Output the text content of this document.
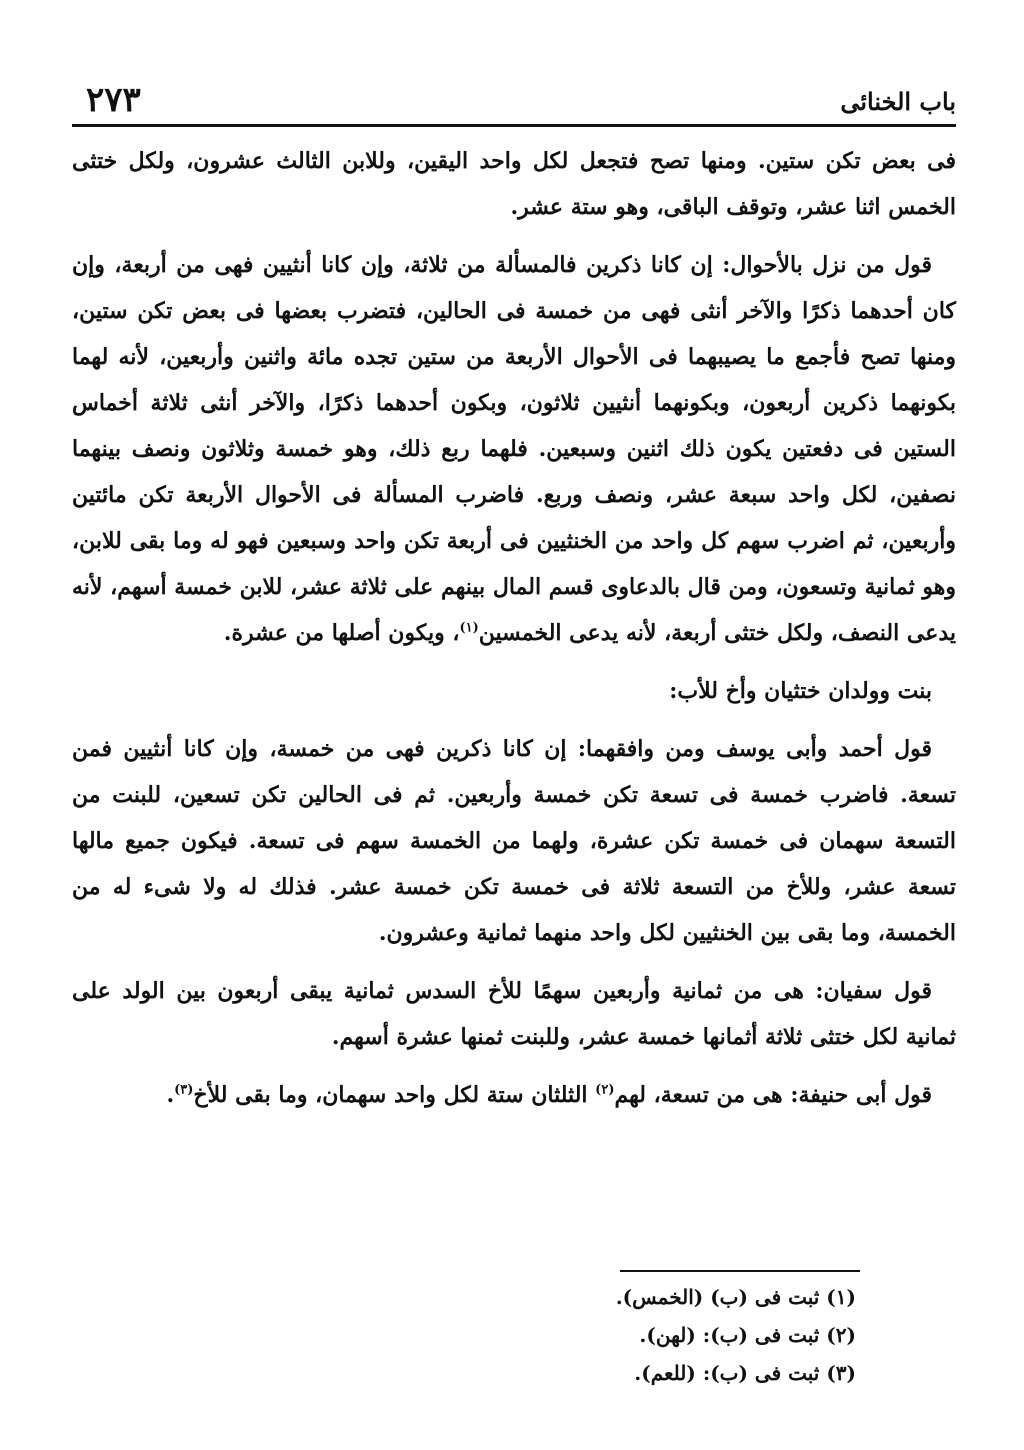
٢٧٣	باب الخنائى

فى بعض تكن ستين. ومنها تصح فتجعل لكل واحد اليقين، وللابن الثالث عشرون، ولكل ختثى الخمس اثنا عشر، وتوقف الباقى، وهو ستة عشر.

قول من نزل بالأحوال: إن كانا ذكرين فالمسألة من ثلاثة، وإن كانا أنثيين فهى من أربعة، وإن كان أحدهما ذكرًا والآخر أنثى فهى من خمسة فى الحالين، فتضرب بعضها فى بعض تكن ستين، ومنها تصح فأجمع ما يصيبهما فى الأحوال الأربعة من ستين تجده مائة واثنين وأربعين، لأنه لهما بكونهما ذكرين أربعون، وبكونهما أنثيين ثلاثون، وبكون أحدهما ذكرًا، والآخر أنثى ثلاثة أخماس الستين فى دفعتين يكون ذلك اثنين وسبعين. فلهما ربع ذلك، وهو خمسة وثلاثون ونصف بينهما نصفين، لكل واحد سبعة عشر، ونصف وربع. فاضرب المسألة فى الأحوال الأربعة تكن مائتين وأربعين، ثم اضرب سهم كل واحد من الخنثيين فى أربعة تكن واحد وسبعين فهو له وما بقى للابن، وهو ثمانية وتسعون، ومن قال بالدعاوى قسم المال بينهم على ثلاثة عشر، للابن خمسة أسهم، لأنه يدعى النصف، ولكل ختثى أربعة، لأنه يدعى الخمسين$^{(١)}$، ويكون أصلها من عشرة.

بنت وولدان ختثيان وأخ للأب:

قول أحمد وأبى يوسف ومن وافقهما: إن كانا ذكرين فهى من خمسة، وإن كانا أنثيين فمن تسعة. فاضرب خمسة فى تسعة تكن خمسة وأربعين. ثم فى الحالين تكن تسعين، للبنت من التسعة سهمان فى خمسة تكن عشرة، ولهما من الخمسة سهم فى تسعة. فيكون جميع مالها تسعة عشر، وللأخ من التسعة ثلاثة فى خمسة تكن خمسة عشر. فذلك له ولا شىء له من الخمسة، وما بقى بين الخنثيين لكل واحد منهما ثمانية وعشرون.

قول سفيان: هى من ثمانية وأربعين سهمًا للأخ السدس ثمانية يبقى أربعون بين الولد على ثمانية لكل ختثى ثلاثة أثمانها خمسة عشر، وللبنت ثمنها عشرة أسهم.

قول أبى حنيفة: هى من تسعة، لهم$^{(٢)}$ الثلثان ستة لكل واحد سهمان، وما بقى للأخ$^{(٣)}$.

(١) ثبت فى (ب) (الخمس).
(٢) ثبت فى (ب): (لهن).
(٣) ثبت فى (ب): (للعم).
